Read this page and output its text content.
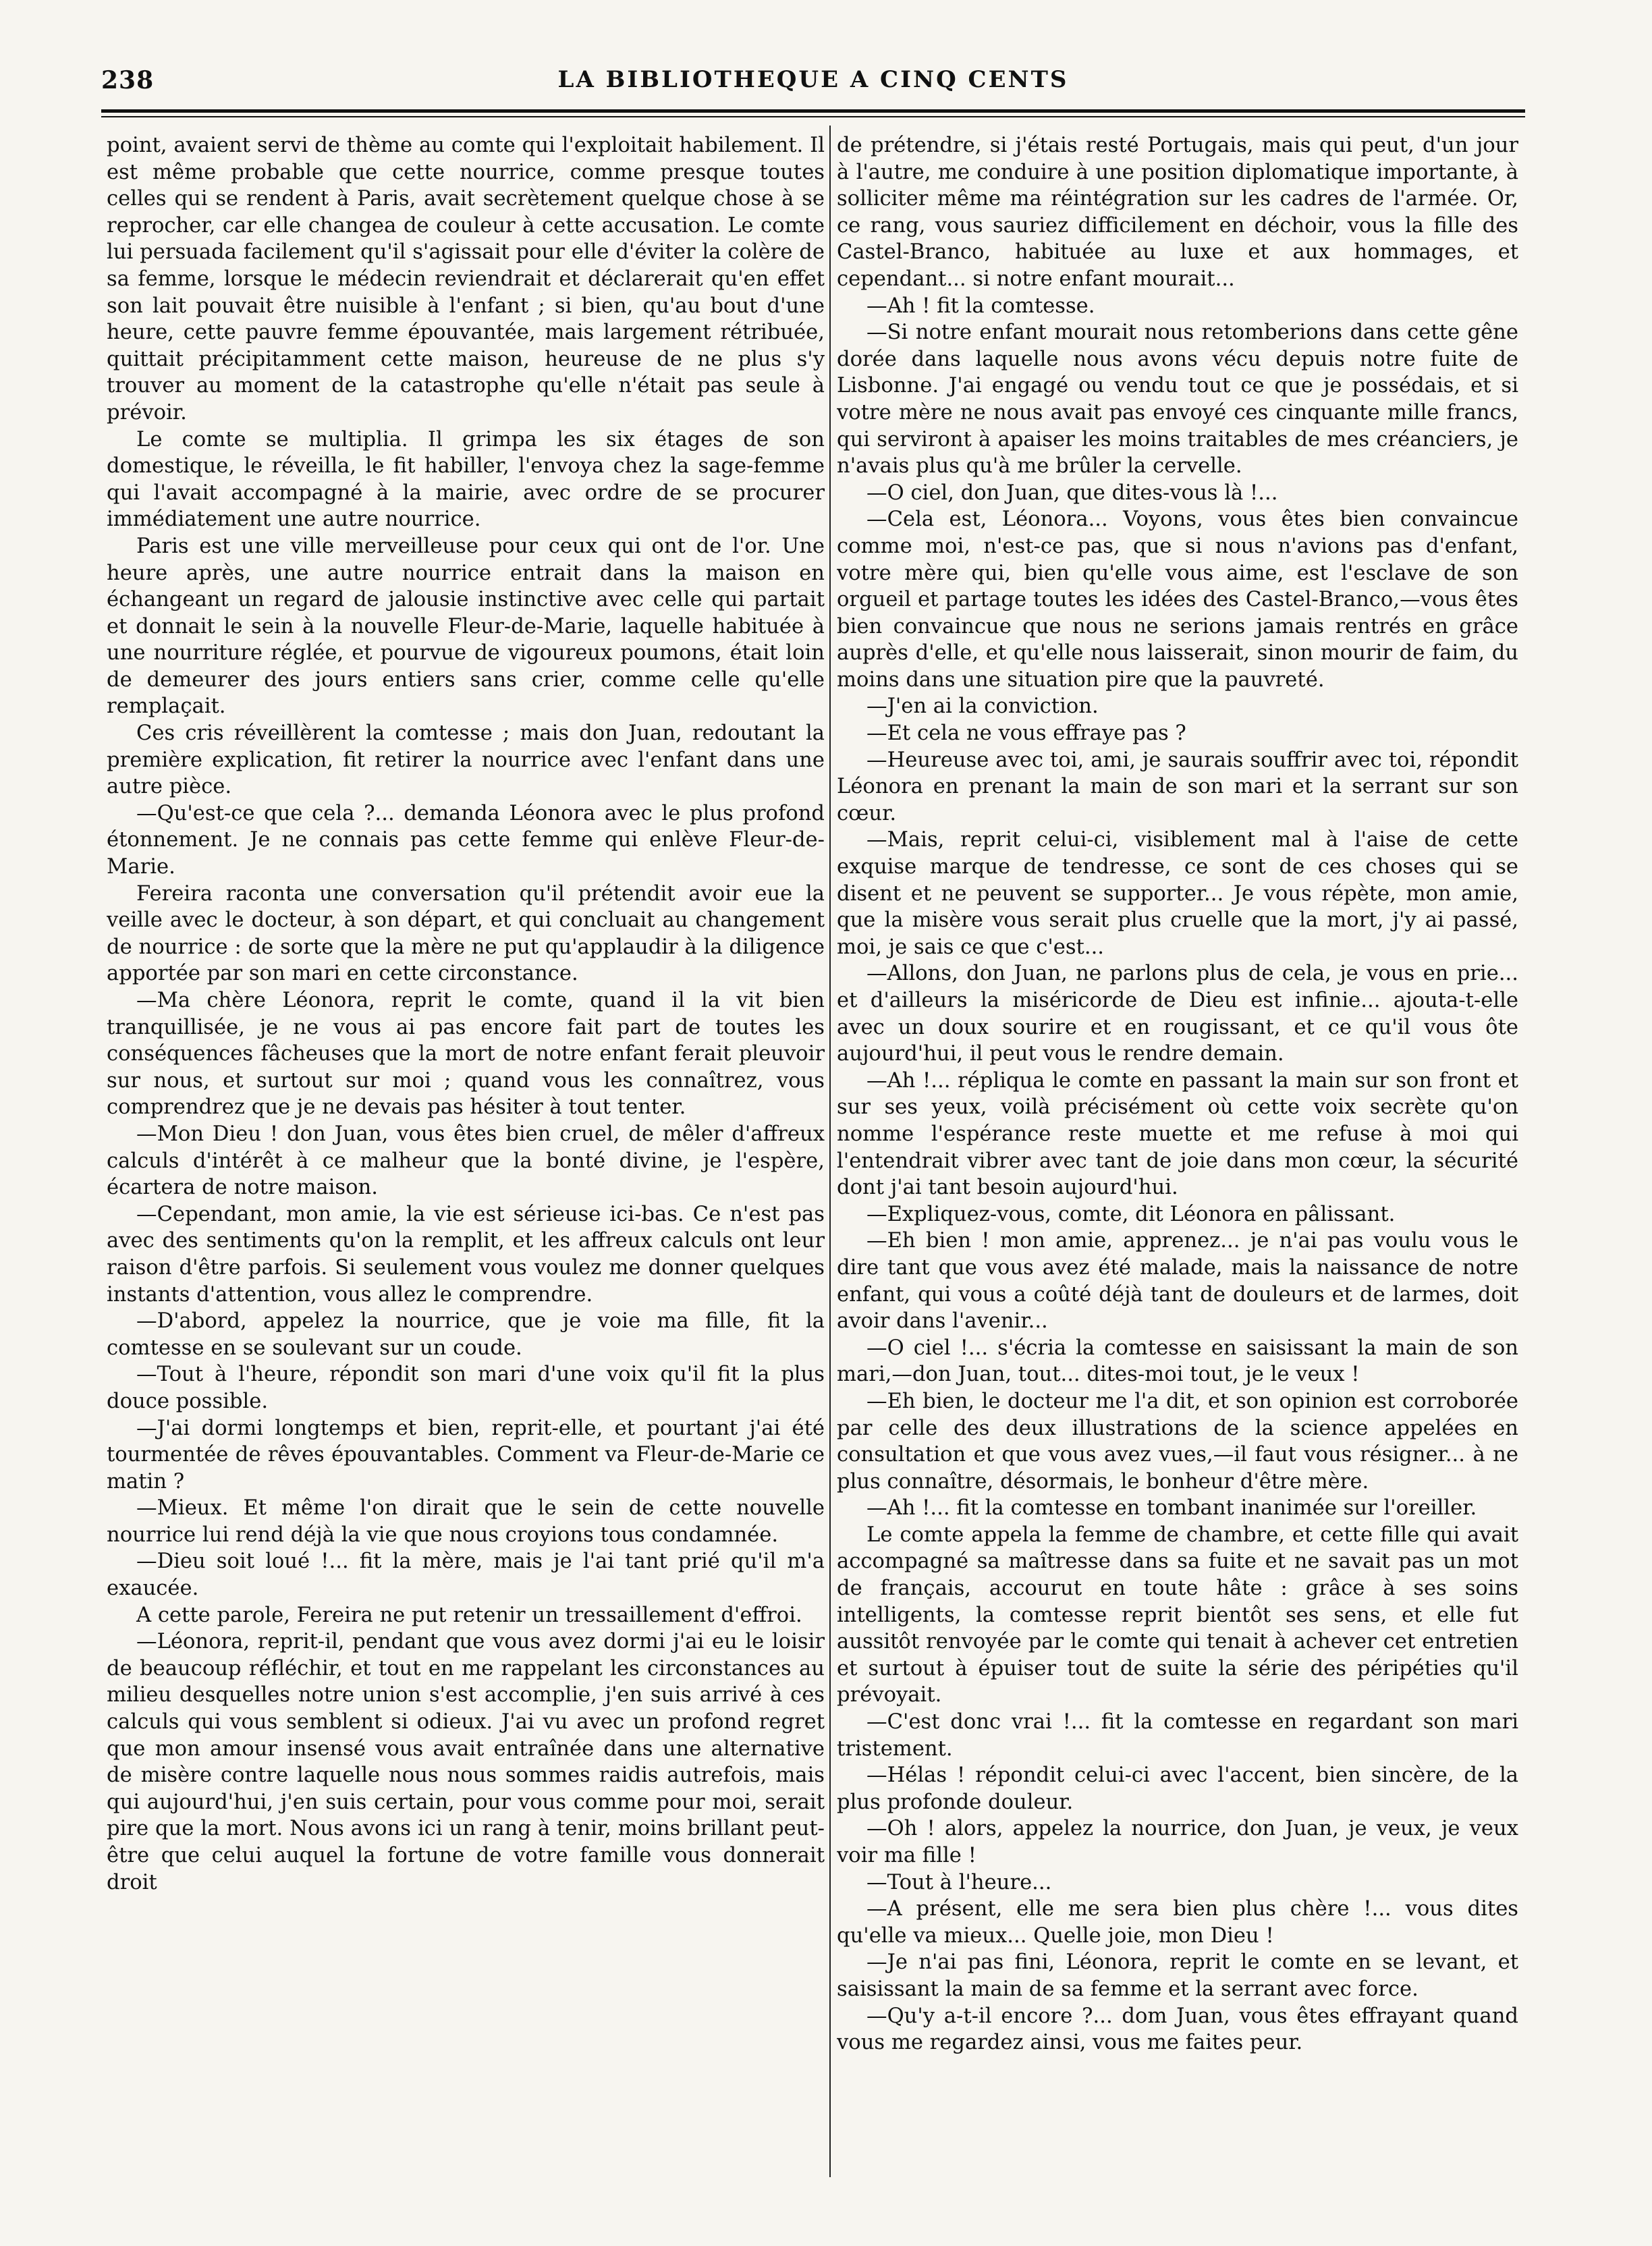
238	LA BIBLIOTHEQUE A CINQ CENTS

point, avaient servi de thème au comte qui l'exploitait habilement. Il est même probable que cette nourrice, comme presque toutes celles qui se rendent à Paris, avait secrètement quelque chose à se reprocher, car elle changea de couleur à cette accusation. Le comte lui persuada facilement qu'il s'agissait pour elle d'éviter la colère de sa femme, lorsque le médecin reviendrait et déclarerait qu'en effet son lait pouvait être nuisible à l'enfant ; si bien, qu'au bout d'une heure, cette pauvre femme épouvantée, mais largement rétribuée, quittait précipitamment cette maison, heureuse de ne plus s'y trouver au moment de la catastrophe qu'elle n'était pas seule à prévoir.

Le comte se multiplia. Il grimpa les six étages de son domestique, le réveilla, le fit habiller, l'envoya chez la sage-femme qui l'avait accompagné à la mairie, avec ordre de se procurer immédiatement une autre nourrice.

Paris est une ville merveilleuse pour ceux qui ont de l'or. Une heure après, une autre nourrice entrait dans la maison en échangeant un regard de jalousie instinctive avec celle qui partait et donnait le sein à la nouvelle Fleur-de-Marie, laquelle habituée à une nourriture réglée, et pourvue de vigoureux poumons, était loin de demeurer des jours entiers sans crier, comme celle qu'elle remplaçait.

Ces cris réveillèrent la comtesse ; mais don Juan, redoutant la première explication, fit retirer la nourrice avec l'enfant dans une autre pièce.

—Qu'est-ce que cela ?... demanda Léonora avec le plus profond étonnement. Je ne connais pas cette femme qui enlève Fleur-de-Marie.

Fereira raconta une conversation qu'il prétendit avoir eue la veille avec le docteur, à son départ, et qui concluait au changement de nourrice : de sorte que la mère ne put qu'applaudir à la diligence apportée par son mari en cette circonstance.

—Ma chère Léonora, reprit le comte, quand il la vit bien tranquillisée, je ne vous ai pas encore fait part de toutes les conséquences fâcheuses que la mort de notre enfant ferait pleuvoir sur nous, et surtout sur moi ; quand vous les connaîtrez, vous comprendrez que je ne devais pas hésiter à tout tenter.

—Mon Dieu ! don Juan, vous êtes bien cruel, de mêler d'affreux calculs d'intérêt à ce malheur que la bonté divine, je l'espère, écartera de notre maison.

—Cependant, mon amie, la vie est sérieuse ici-bas. Ce n'est pas avec des sentiments qu'on la remplit, et les affreux calculs ont leur raison d'être parfois. Si seulement vous voulez me donner quelques instants d'attention, vous allez le comprendre.

—D'abord, appelez la nourrice, que je voie ma fille, fit la comtesse en se soulevant sur un coude.

—Tout à l'heure, répondit son mari d'une voix qu'il fit la plus douce possible.

—J'ai dormi longtemps et bien, reprit-elle, et pourtant j'ai été tourmentée de rêves épouvantables. Comment va Fleur-de-Marie ce matin ?

—Mieux. Et même l'on dirait que le sein de cette nouvelle nourrice lui rend déjà la vie que nous croyions tous condamnée.

—Dieu soit loué !... fit la mère, mais je l'ai tant prié qu'il m'a exaucée.

A cette parole, Fereira ne put retenir un tressaillement d'effroi.

—Léonora, reprit-il, pendant que vous avez dormi j'ai eu le loisir de beaucoup réfléchir, et tout en me rappelant les circonstances au milieu desquelles notre union s'est accomplie, j'en suis arrivé à ces calculs qui vous semblent si odieux. J'ai vu avec un profond regret que mon amour insensé vous avait entraînée dans une alternative de misère contre laquelle nous nous sommes raidis autrefois, mais qui aujourd'hui, j'en suis certain, pour vous comme pour moi, serait pire que la mort. Nous avons ici un rang à tenir, moins brillant peut-être que celui auquel la fortune de votre famille vous donnerait droit

de prétendre, si j'étais resté Portugais, mais qui peut, d'un jour à l'autre, me conduire à une position diplomatique importante, à solliciter même ma réintégration sur les cadres de l'armée. Or, ce rang, vous sauriez difficilement en déchoir, vous la fille des Castel-Branco, habituée au luxe et aux hommages, et cependant... si notre enfant mourait...

—Ah ! fit la comtesse.

—Si notre enfant mourait nous retomberions dans cette gêne dorée dans laquelle nous avons vécu depuis notre fuite de Lisbonne. J'ai engagé ou vendu tout ce que je possédais, et si votre mère ne nous avait pas envoyé ces cinquante mille francs, qui serviront à apaiser les moins traitables de mes créanciers, je n'avais plus qu'à me brûler la cervelle.

—O ciel, don Juan, que dites-vous là !...

—Cela est, Léonora... Voyons, vous êtes bien convaincue comme moi, n'est-ce pas, que si nous n'avions pas d'enfant, votre mère qui, bien qu'elle vous aime, est l'esclave de son orgueil et partage toutes les idées des Castel-Branco,—vous êtes bien convaincue que nous ne serions jamais rentrés en grâce auprès d'elle, et qu'elle nous laisserait, sinon mourir de faim, du moins dans une situation pire que la pauvreté.

—J'en ai la conviction.

—Et cela ne vous effraye pas ?

—Heureuse avec toi, ami, je saurais souffrir avec toi, répondit Léonora en prenant la main de son mari et la serrant sur son cœur.

—Mais, reprit celui-ci, visiblement mal à l'aise de cette exquise marque de tendresse, ce sont de ces choses qui se disent et ne peuvent se supporter... Je vous répète, mon amie, que la misère vous serait plus cruelle que la mort, j'y ai passé, moi, je sais ce que c'est...

—Allons, don Juan, ne parlons plus de cela, je vous en prie... et d'ailleurs la miséricorde de Dieu est infinie... ajouta-t-elle avec un doux sourire et en rougissant, et ce qu'il vous ôte aujourd'hui, il peut vous le rendre demain.

—Ah !... répliqua le comte en passant la main sur son front et sur ses yeux, voilà précisément où cette voix secrète qu'on nomme l'espérance reste muette et me refuse à moi qui l'entendrait vibrer avec tant de joie dans mon cœur, la sécurité dont j'ai tant besoin aujourd'hui.

—Expliquez-vous, comte, dit Léonora en pâlissant.

—Eh bien ! mon amie, apprenez... je n'ai pas voulu vous le dire tant que vous avez été malade, mais la naissance de notre enfant, qui vous a coûté déjà tant de douleurs et de larmes, doit avoir dans l'avenir...

—O ciel !... s'écria la comtesse en saisissant la main de son mari,—don Juan, tout... dites-moi tout, je le veux !

—Eh bien, le docteur me l'a dit, et son opinion est corroborée par celle des deux illustrations de la science appelées en consultation et que vous avez vues,—il faut vous résigner... à ne plus connaître, désormais, le bonheur d'être mère.

—Ah !... fit la comtesse en tombant inanimée sur l'oreiller.

Le comte appela la femme de chambre, et cette fille qui avait accompagné sa maîtresse dans sa fuite et ne savait pas un mot de français, accourut en toute hâte : grâce à ses soins intelligents, la comtesse reprit bientôt ses sens, et elle fut aussitôt renvoyée par le comte qui tenait à achever cet entretien et surtout à épuiser tout de suite la série des péripéties qu'il prévoyait.

—C'est donc vrai !... fit la comtesse en regardant son mari tristement.

—Hélas ! répondit celui-ci avec l'accent, bien sincère, de la plus profonde douleur.

—Oh ! alors, appelez la nourrice, don Juan, je veux, je veux voir ma fille !

—Tout à l'heure...

—A présent, elle me sera bien plus chère !... vous dites qu'elle va mieux... Quelle joie, mon Dieu !

—Je n'ai pas fini, Léonora, reprit le comte en se levant, et saisissant la main de sa femme et la serrant avec force.

—Qu'y a-t-il encore ?... dom Juan, vous êtes effrayant quand vous me regardez ainsi, vous me faites peur.
